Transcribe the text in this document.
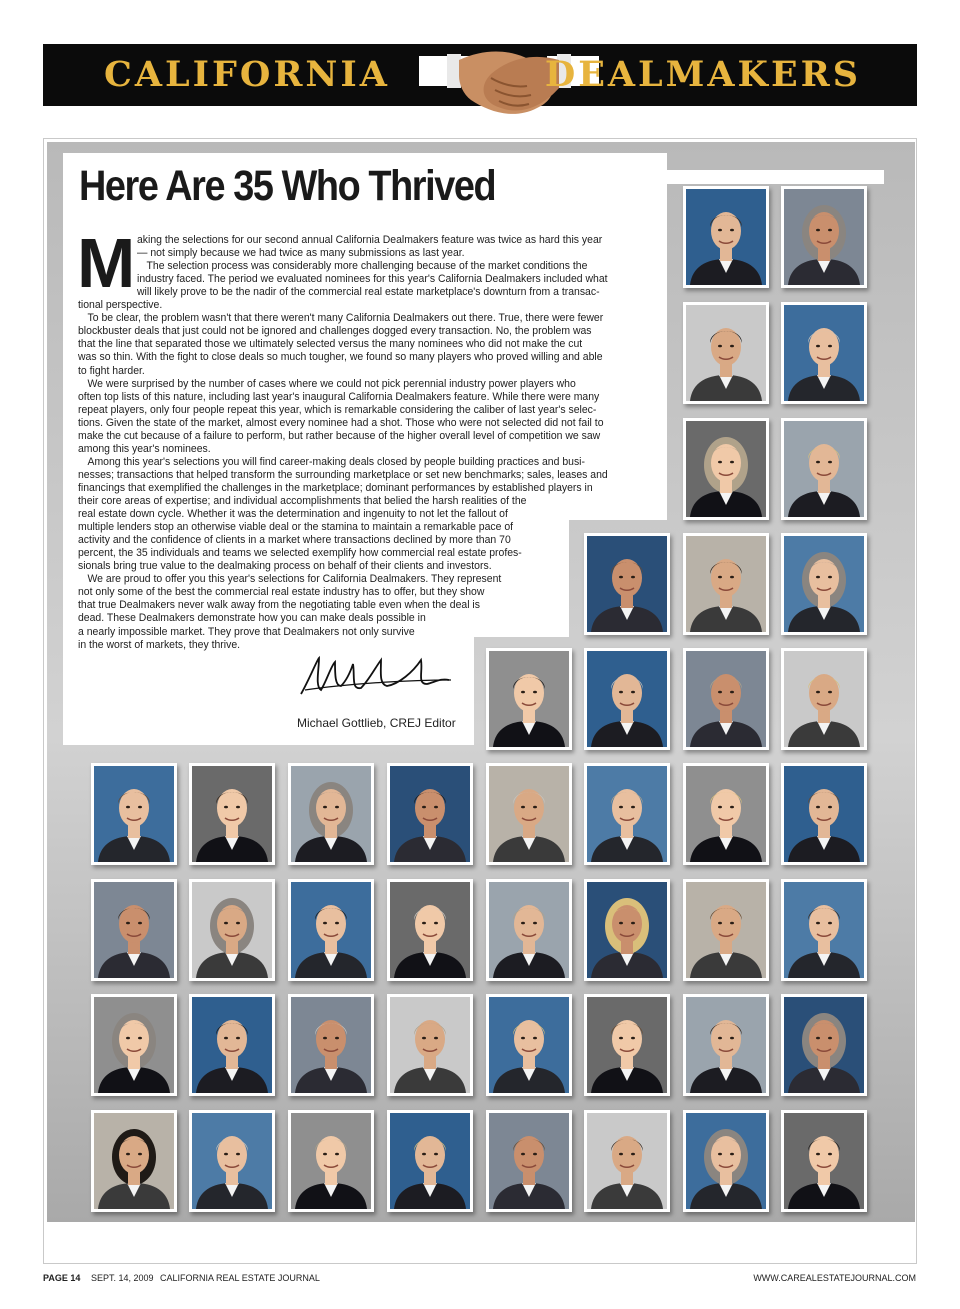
CALIFORNIA	DEALMAKERS
Here Are 35 Who Thrived
M aking the selections for our second annual California Dealmakers feature was twice as hard this year
— not simply because we had twice as many submissions as last year.
The selection process was considerably more challenging because of the market conditions the
industry faced. The period we evaluated nominees for this year's California Dealmakers included what
will likely prove to be the nadir of the commercial real estate marketplace's downturn from a transac-
tional perspective.
To be clear, the problem wasn't that there weren't many California Dealmakers out there. True, there were fewer
blockbuster deals that just could not be ignored and challenges dogged every transaction. No, the problem was
that the line that separated those we ultimately selected versus the many nominees who did not make the cut
was so thin. With the fight to close deals so much tougher, we found so many players who proved willing and able
to fight harder.
We were surprised by the number of cases where we could not pick perennial industry power players who
often top lists of this nature, including last year's inaugural California Dealmakers feature. While there were many
repeat players, only four people repeat this year, which is remarkable considering the caliber of last year's selec-
tions. Given the state of the market, almost every nominee had a shot. Those who were not selected did not fail to
make the cut because of a failure to perform, but rather because of the higher overall level of competition we saw
among this year's nominees.
Among this year's selections you will find career-making deals closed by people building practices and busi-
nesses; transactions that helped transform the surrounding marketplace or set new benchmarks; sales, leases and
financings that exemplified the challenges in the marketplace; dominant performances by established players in
their core areas of expertise; and individual accomplishments that belied the harsh realities of the
real estate down cycle. Whether it was the determination and ingenuity to not let the fallout of
multiple lenders stop an otherwise viable deal or the stamina to maintain a remarkable pace of
activity and the confidence of clients in a market where transactions declined by more than 70
percent, the 35 individuals and teams we selected exemplify how commercial real estate profes-
sionals bring true value to the dealmaking process on behalf of their clients and investors.
We are proud to offer you this year's selections for California Dealmakers. They represent
not only some of the best the commercial real estate industry has to offer, but they show
that true Dealmakers never walk away from the negotiating table even when the deal is
dead. These Dealmakers demonstrate how you can make deals possible in
a nearly impossible market. They prove that Dealmakers not only survive
in the worst of markets, they thrive.
Michael Gottlieb, CREJ Editor
PAGE 14 SEPT. 14, 2009 CALIFORNIA REAL ESTATE JOURNAL	WWW.CAREALESTATEJOURNAL.COM
